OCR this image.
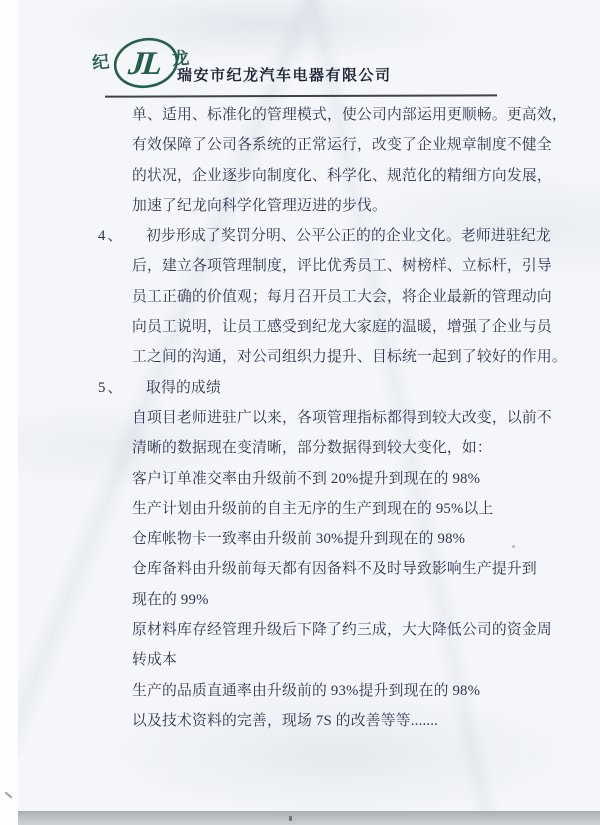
纪 JL 龙
瑞安市纪龙汽车电器有限公司
单、适用、标准化的管理模式，使公司内部运用更顺畅。更高效，
有效保障了公司各系统的正常运行，改变了企业规章制度不健全
的状况，企业逐步向制度化、科学化、规范化的精细方向发展，
加速了纪龙向科学化管理迈进的步伐。
4、 初步形成了奖罚分明、公平公正的的企业文化。老师进驻纪龙
后，建立各项管理制度，评比优秀员工、树榜样、立标杆，引导
员工正确的价值观；每月召开员工大会，将企业最新的管理动向
向员工说明，让员工感受到纪龙大家庭的温暖，增强了企业与员
工之间的沟通，对公司组织力提升、目标统一起到了较好的作用。
5、 取得的成绩
自项目老师进驻广以来，各项管理指标都得到较大改变，以前不
清晰的数据现在变清晰，部分数据得到较大变化，如：
客户订单准交率由升级前不到 20%提升到现在的 98%
生产计划由升级前的自主无序的生产到现在的 95%以上
仓库帐物卡一致率由升级前 30%提升到现在的 98%
仓库备料由升级前每天都有因备料不及时导致影响生产提升到
现在的 99%
原材料库存经管理升级后下降了约三成，大大降低公司的资金周
转成本
生产的品质直通率由升级前的 93%提升到现在的 98%
以及技术资料的完善，现场 7S 的改善等等.......
